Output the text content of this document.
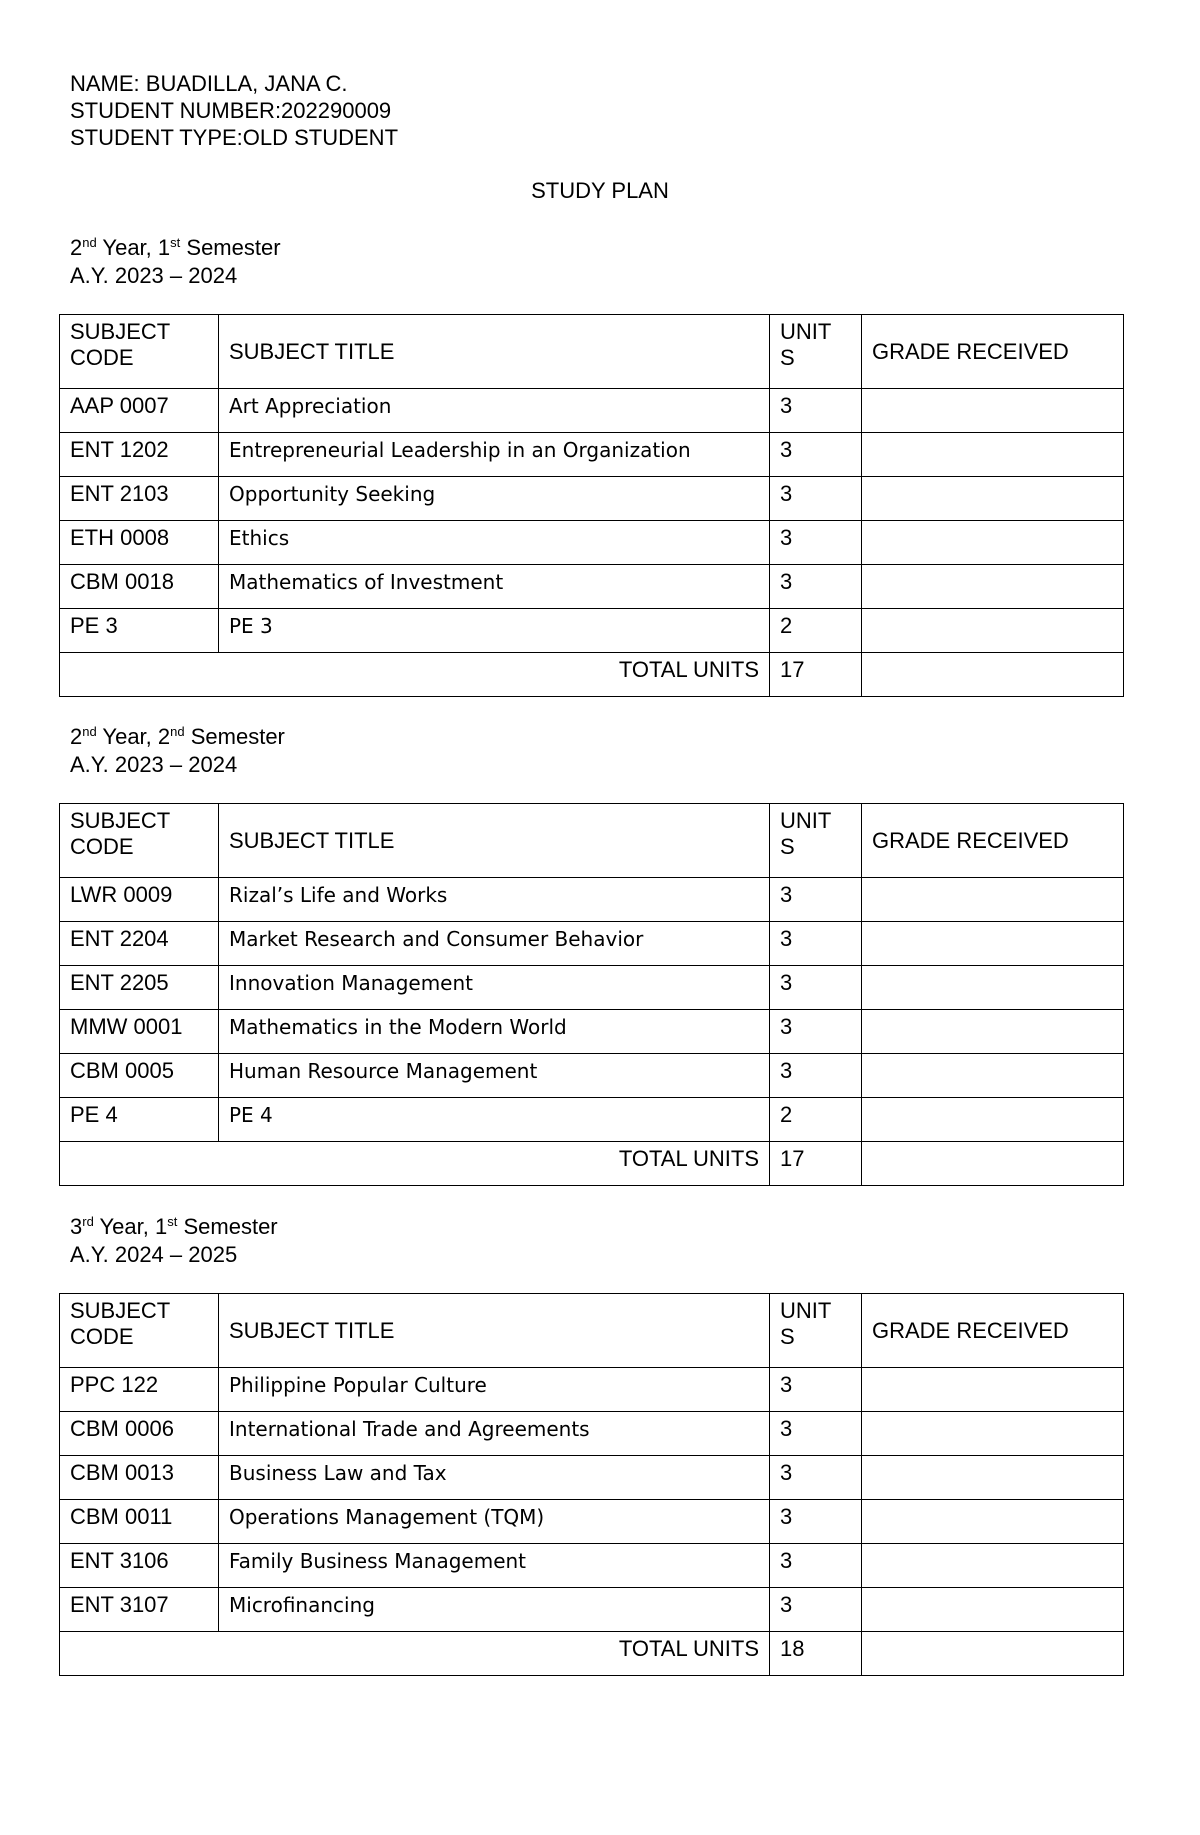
NAME: BUADILLA, JANA C.
STUDENT NUMBER:202290009
STUDENT TYPE:OLD STUDENT
STUDY PLAN
2nd Year, 1st Semester
A.Y. 2023 – 2024
SUBJECT CODE	SUBJECT TITLE	UNIT S	GRADE RECEIVED
AAP 0007	Art Appreciation	3	
ENT 1202	Entrepreneurial Leadership in an Organization	3	
ENT 2103	Opportunity Seeking	3	
ETH 0008	Ethics	3	
CBM 0018	Mathematics of Investment	3	
PE 3	PE 3	2	
TOTAL UNITS		17	
2nd Year, 2nd Semester
A.Y. 2023 – 2024
SUBJECT CODE	SUBJECT TITLE	UNIT S	GRADE RECEIVED
LWR 0009	Rizal’s Life and Works	3	
ENT 2204	Market Research and Consumer Behavior	3	
ENT 2205	Innovation Management	3	
MMW 0001	Mathematics in the Modern World	3	
CBM 0005	Human Resource Management	3	
PE 4	PE 4	2	
TOTAL UNITS		17	
3rd Year, 1st Semester
A.Y. 2024 – 2025
SUBJECT CODE	SUBJECT TITLE	UNIT S	GRADE RECEIVED
PPC 122	Philippine Popular Culture	3	
CBM 0006	International Trade and Agreements	3	
CBM 0013	Business Law and Tax	3	
CBM 0011	Operations Management (TQM)	3	
ENT 3106	Family Business Management	3	
ENT 3107	Microfinancing	3	
TOTAL UNITS		18	
